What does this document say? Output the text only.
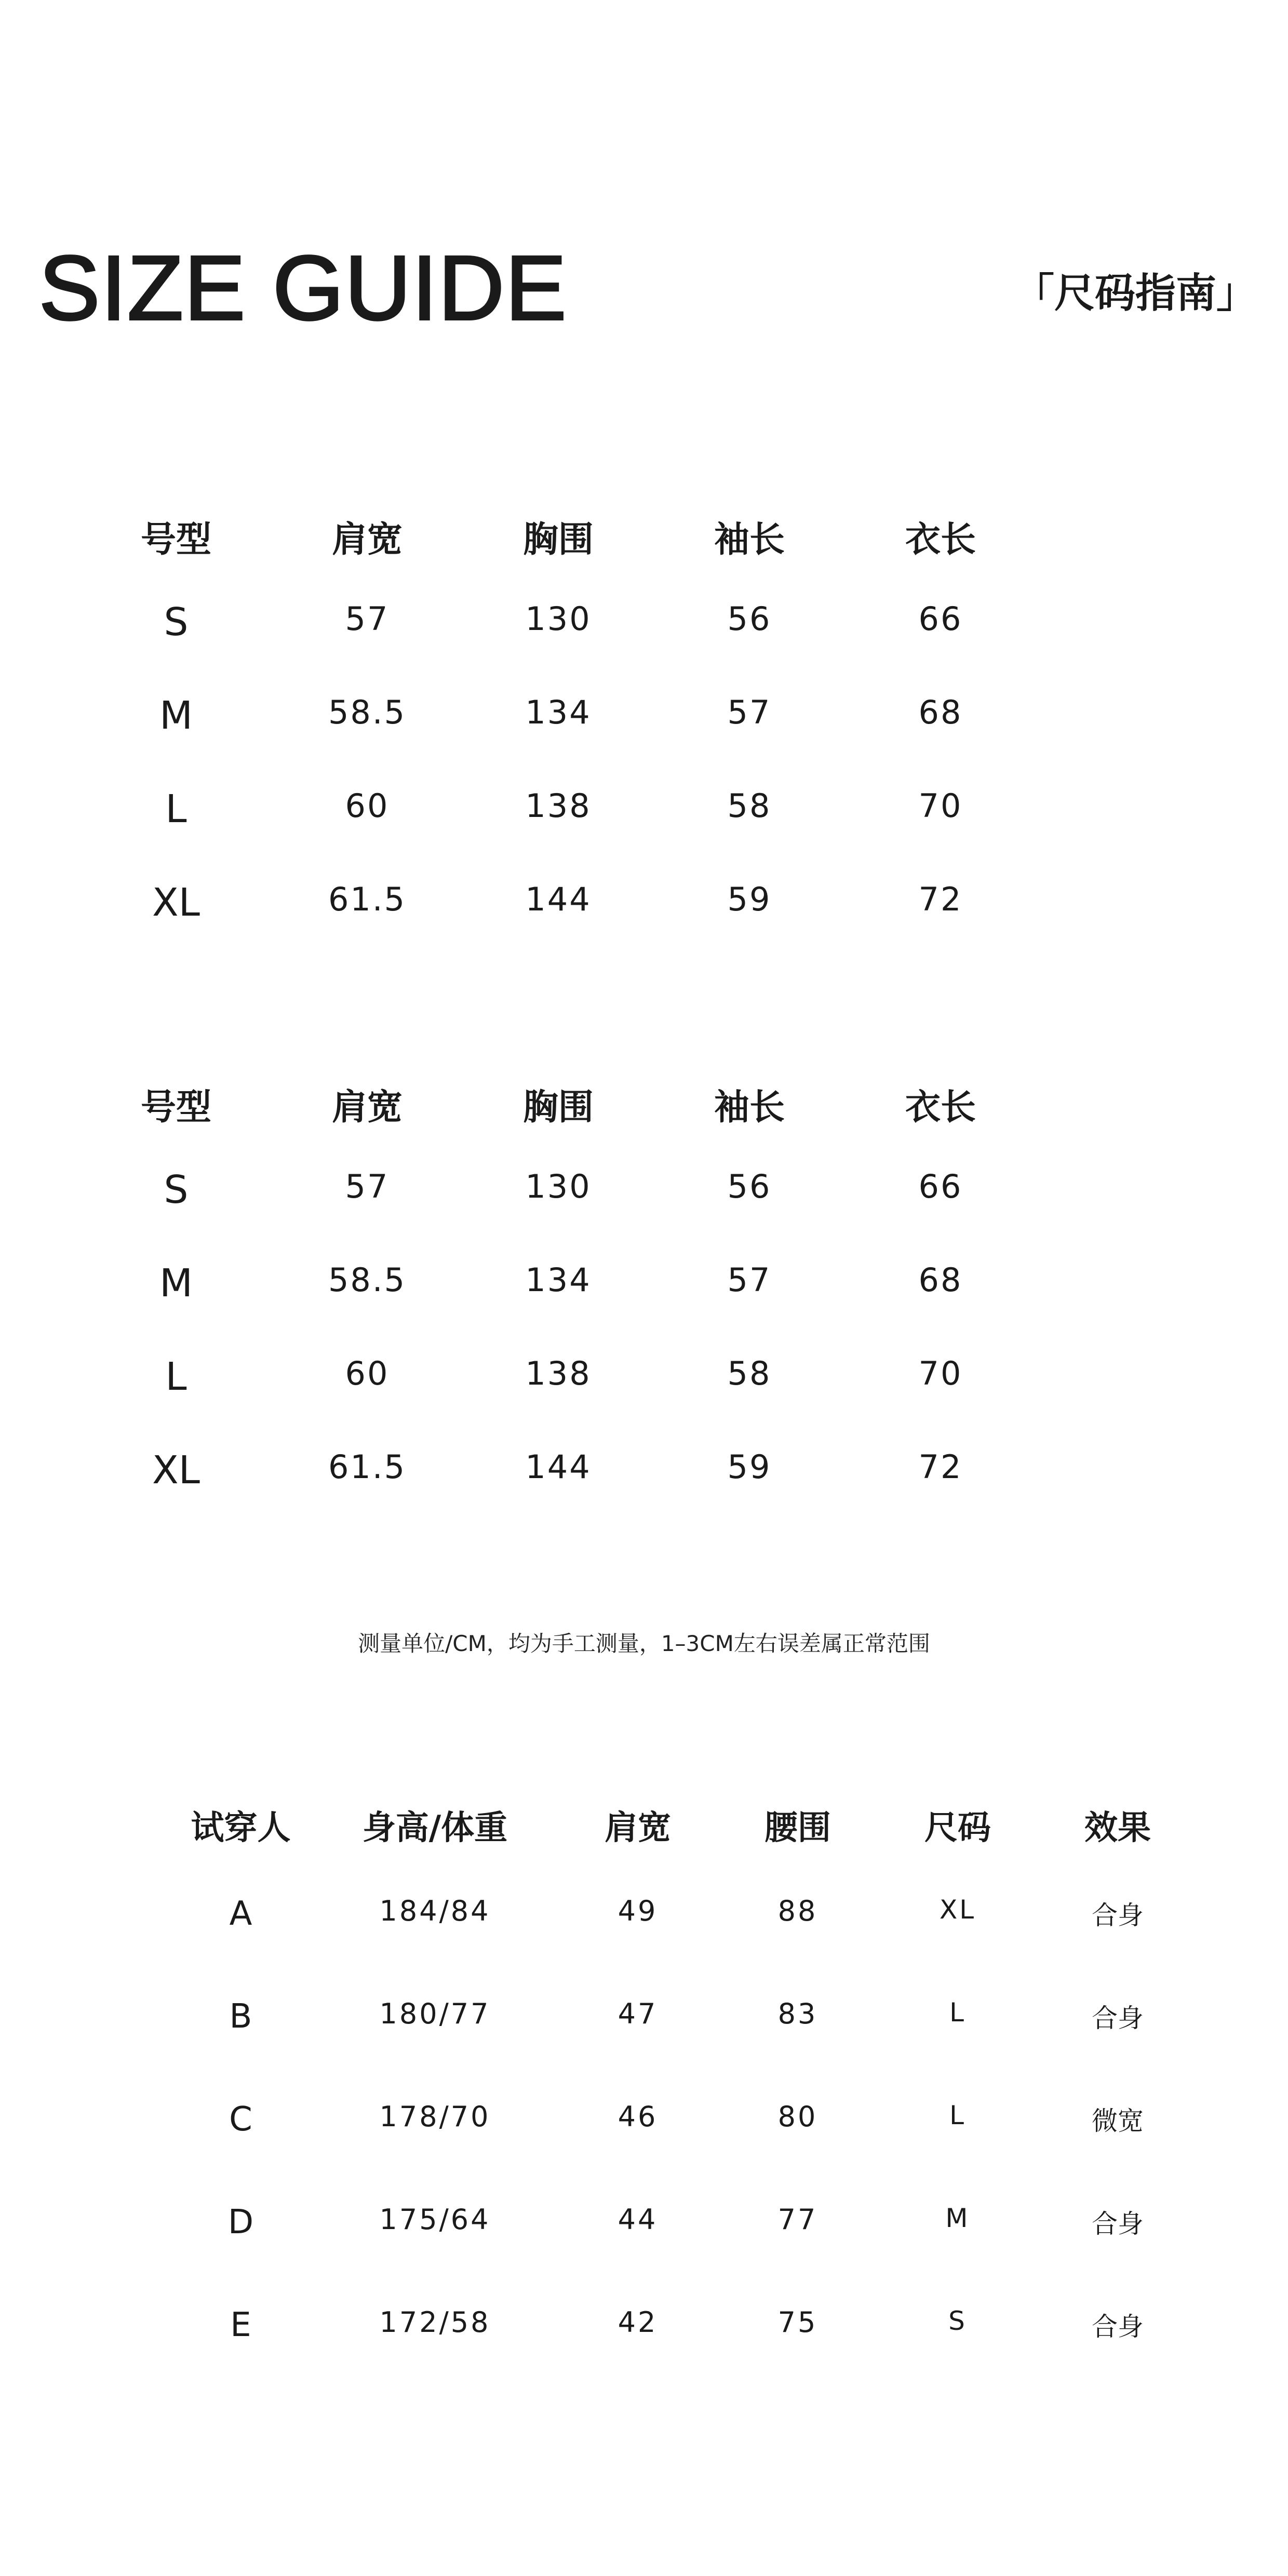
SIZE GUIDE	「尺码指南」
号型	肩宽	胸围	袖长	衣长
S	57	130	56	66
M	58.5	134	57	68
L	60	138	58	70
XL	61.5	144	59	72
号型	肩宽	胸围	袖长	衣长
S	57	130	56	66
M	58.5	134	57	68
L	60	138	58	70
XL	61.5	144	59	72
测量单位/CM，均为手工测量，1–3CM左右误差属正常范围
试穿人	身高/体重	肩宽	腰围	尺码	效果
A	184/84	49	88	XL	合身
B	180/77	47	83	L	合身
C	178/70	46	80	L	微宽
D	175/64	44	77	M	合身
E	172/58	42	75	S	合身
